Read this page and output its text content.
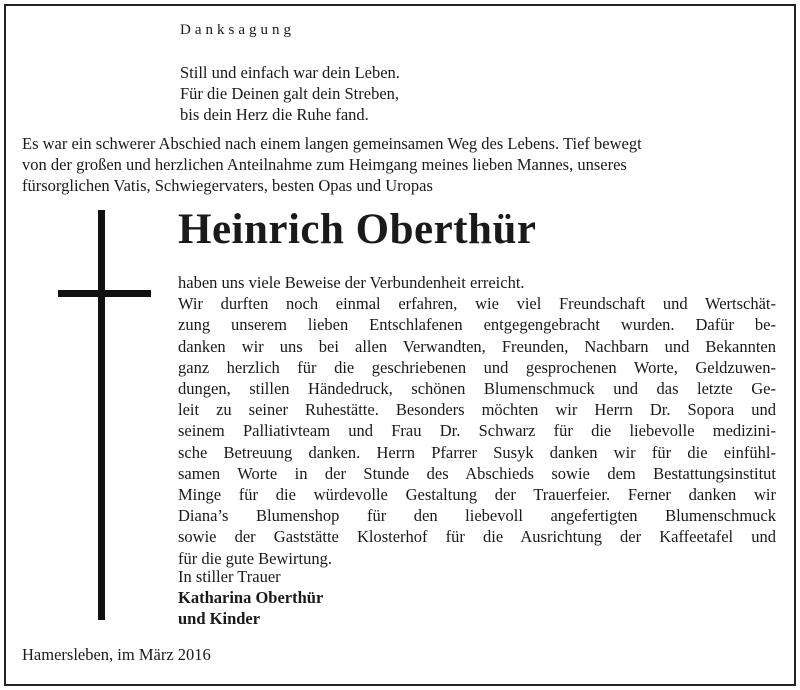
Danksagung
Still und einfach war dein Leben.
Für die Deinen galt dein Streben,
bis dein Herz die Ruhe fand.
Es war ein schwerer Abschied nach einem langen gemeinsamen Weg des Lebens. Tief bewegt
von der großen und herzlichen Anteilnahme zum Heimgang meines lieben Mannes, unseres
fürsorglichen Vatis, Schwiegervaters, besten Opas und Uropas
Heinrich Oberthür
haben uns viele Beweise der Verbundenheit erreicht.
Wir durften noch einmal erfahren, wie viel Freundschaft und Wertschät-
zung unserem lieben Entschlafenen entgegengebracht wurden. Dafür be-
danken wir uns bei allen Verwandten, Freunden, Nachbarn und Bekannten
ganz herzlich für die geschriebenen und gesprochenen Worte, Geldzuwen-
dungen, stillen Händedruck, schönen Blumenschmuck und das letzte Ge-
leit zu seiner Ruhestätte. Besonders möchten wir Herrn Dr. Sopora und
seinem Palliativteam und Frau Dr. Schwarz für die liebevolle medizini-
sche Betreuung danken. Herrn Pfarrer Susyk danken wir für die einfühl-
samen Worte in der Stunde des Abschieds sowie dem Bestattungsinstitut
Minge für die würdevolle Gestaltung der Trauerfeier. Ferner danken wir
Diana’s Blumenshop für den liebevoll angefertigten Blumenschmuck
sowie der Gaststätte Klosterhof für die Ausrichtung der Kaffeetafel und
für die gute Bewirtung.
In stiller Trauer
Katharina Oberthür
und Kinder
Hamersleben, im März 2016
